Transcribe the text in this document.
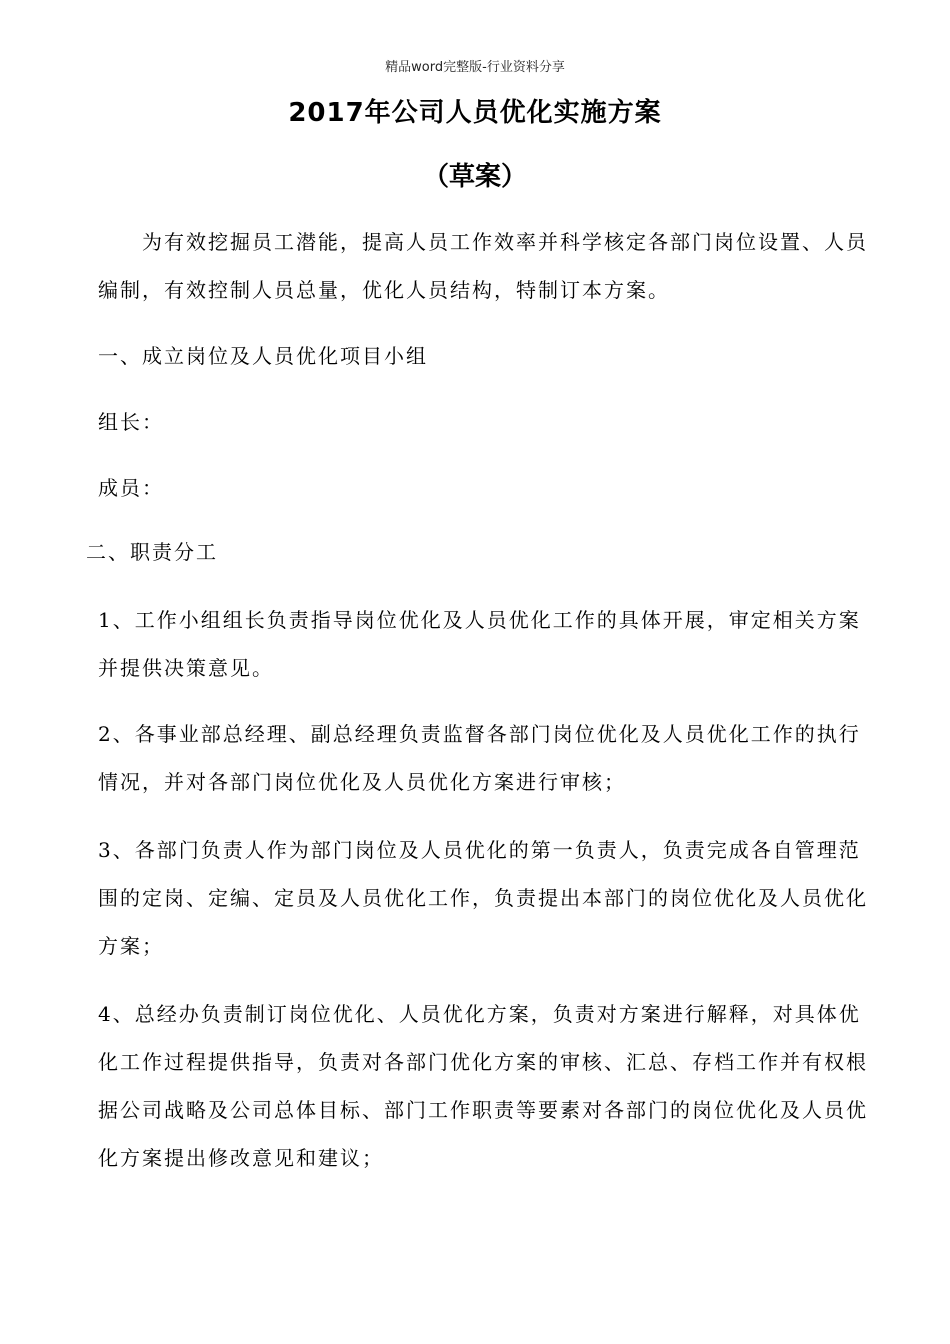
精品word完整版-行业资料分享
2017年公司人员优化实施方案
（草案）
为有效挖掘员工潜能，提高人员工作效率并科学核定各部门岗位设置、人员编制，有效控制人员总量，优化人员结构，特制订本方案。
一、成立岗位及人员优化项目小组
组长：
成员：
二、职责分工
1、工作小组组长负责指导岗位优化及人员优化工作的具体开展，审定相关方案并提供决策意见。
2、各事业部总经理、副总经理负责监督各部门岗位优化及人员优化工作的执行情况，并对各部门岗位优化及人员优化方案进行审核；
3、各部门负责人作为部门岗位及人员优化的第一负责人，负责完成各自管理范围的定岗、定编、定员及人员优化工作，负责提出本部门的岗位优化及人员优化方案；
4、总经办负责制订岗位优化、人员优化方案，负责对方案进行解释，对具体优化工作过程提供指导，负责对各部门优化方案的审核、汇总、存档工作并有权根据公司战略及公司总体目标、部门工作职责等要素对各部门的岗位优化及人员优化方案提出修改意见和建议；
